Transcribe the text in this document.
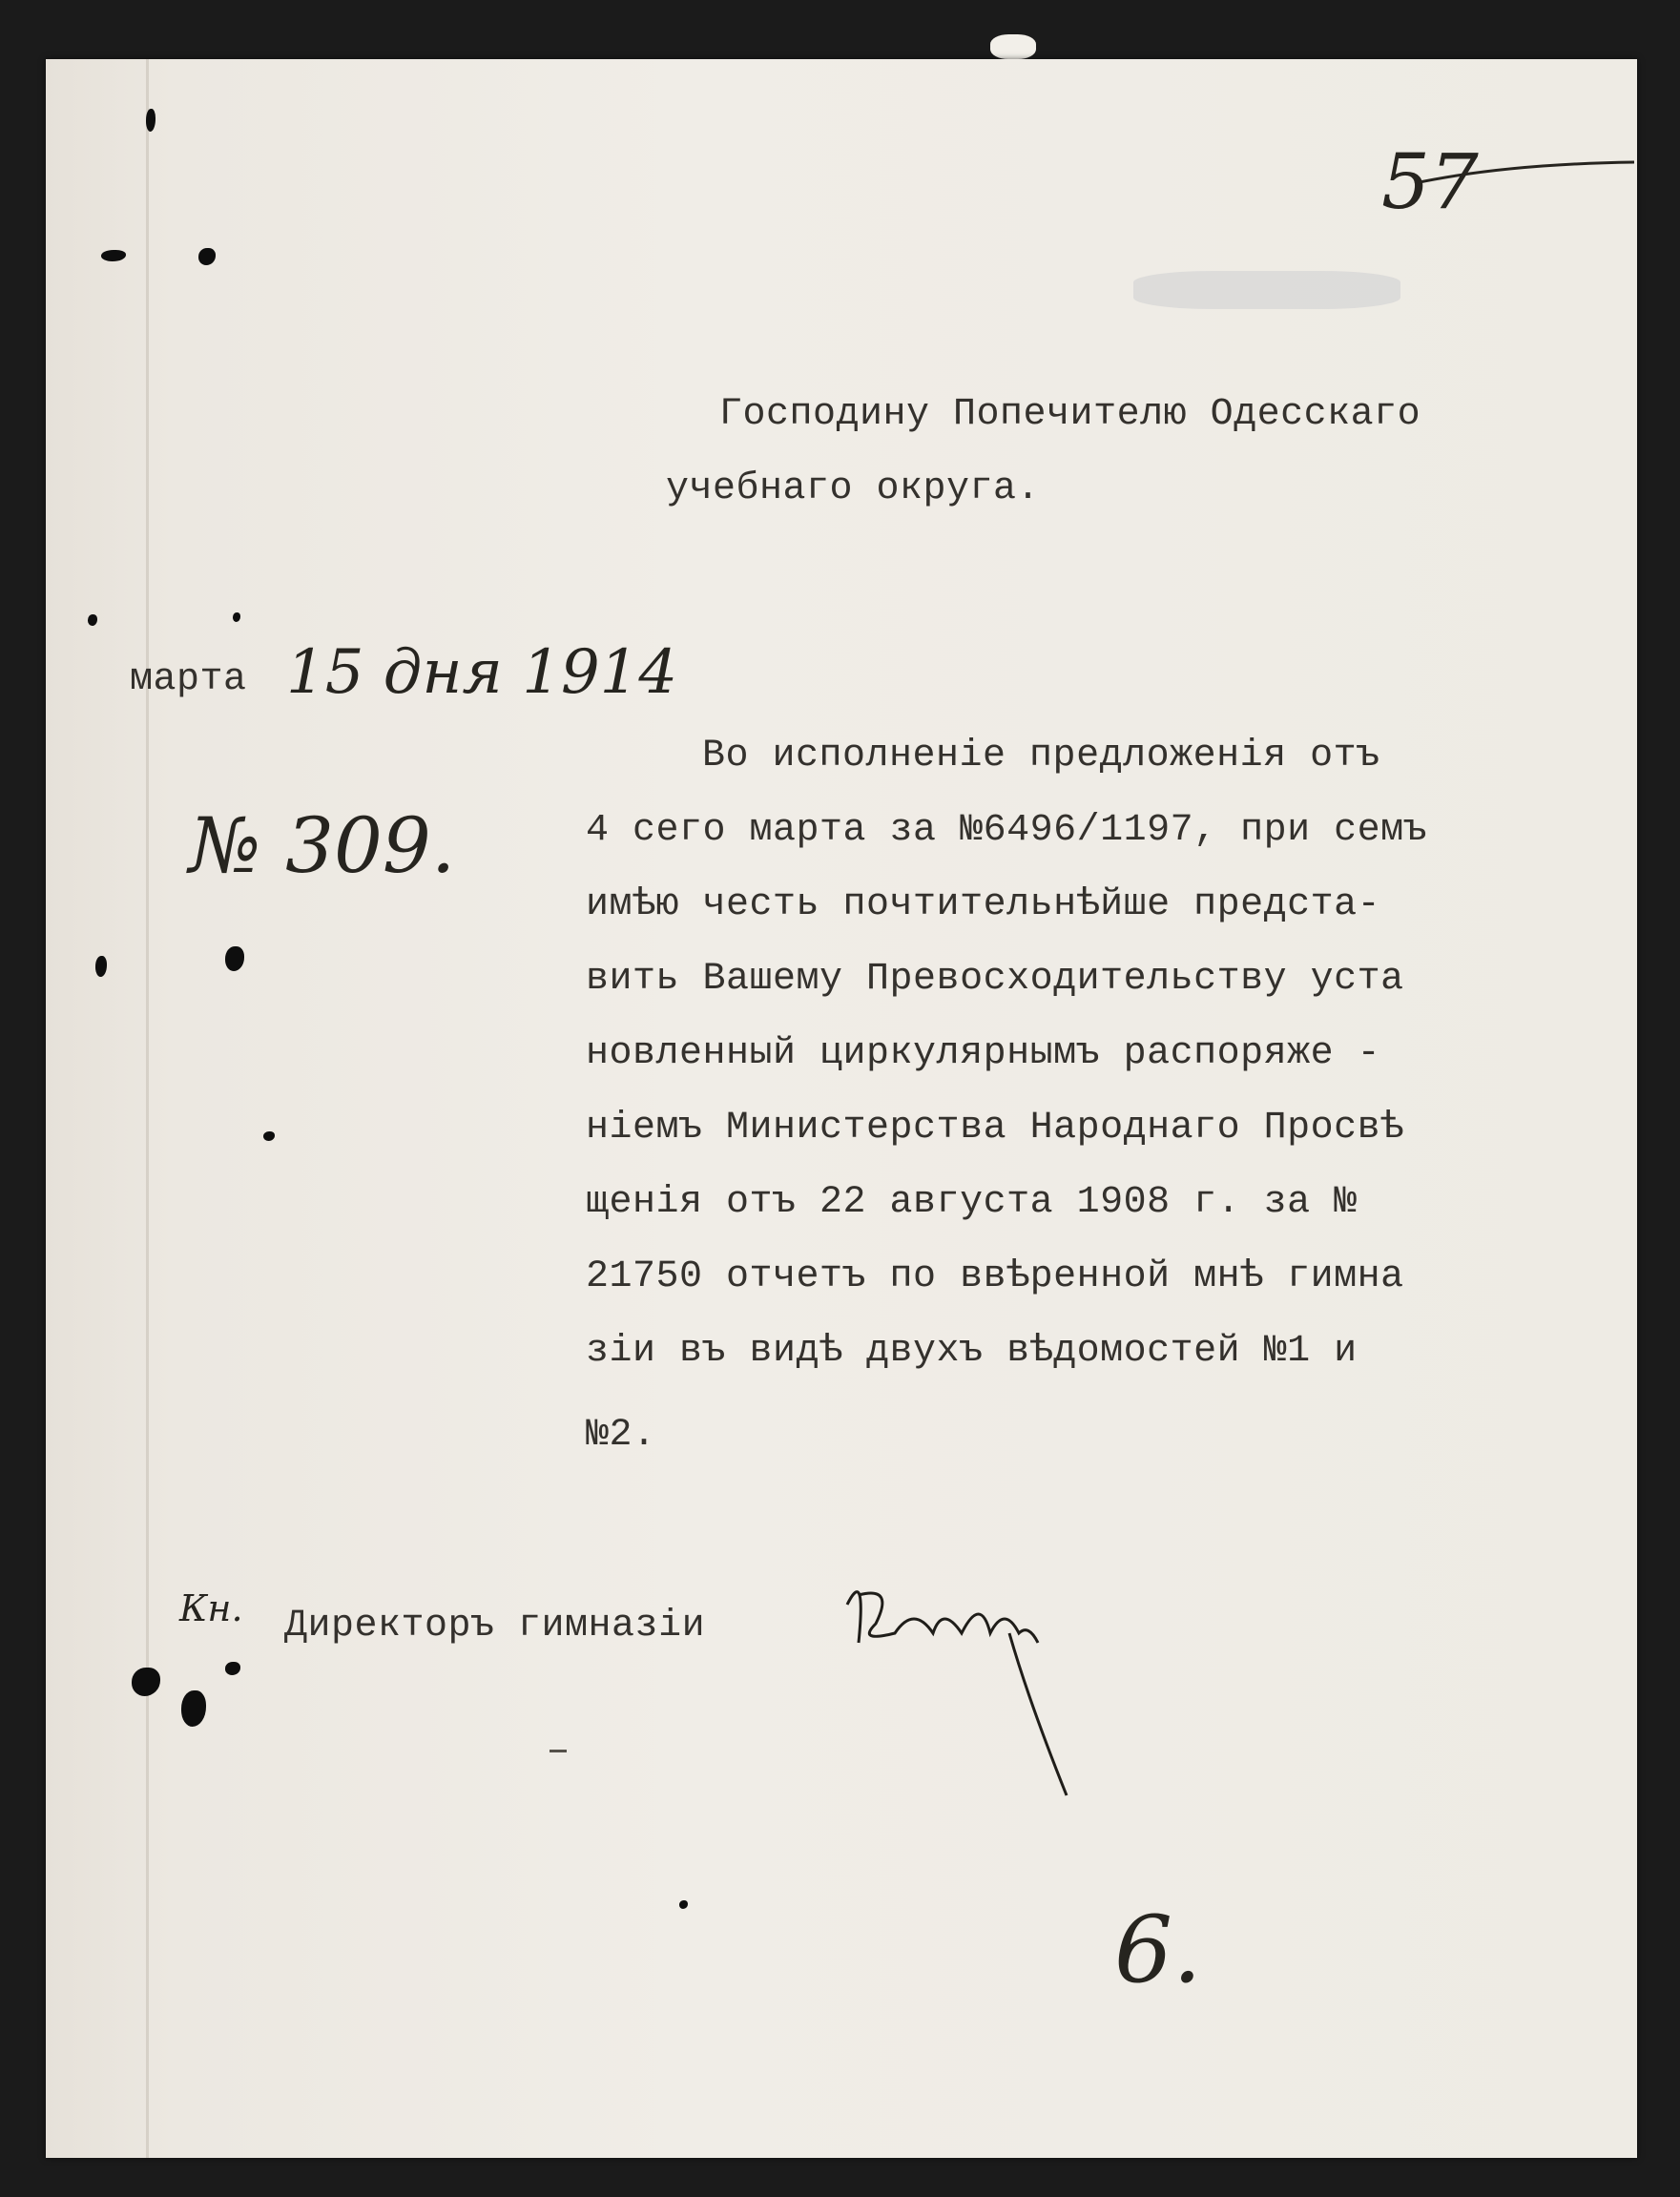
57
Господину Попечителю Одесскаго
учебнаго округа.
марта 15 дня 1914
№ 309.
Во исполненіе предложенія отъ
4 сего марта за №6496/1197, при семъ
имѣю честь почтительнѣйше предста-
вить Вашему Превосходительству уста
новленный циркулярнымъ распоряже -
ніемъ Министерства Народнаго Просвѣ
щенія отъ 22 августа 1908 г. за №
21750 отчетъ по ввѣренной мнѣ гимна
зіи въ видѣ двухъ вѣдомостей №1 и
№2.
Кн. Директоръ гимназіи
6.
